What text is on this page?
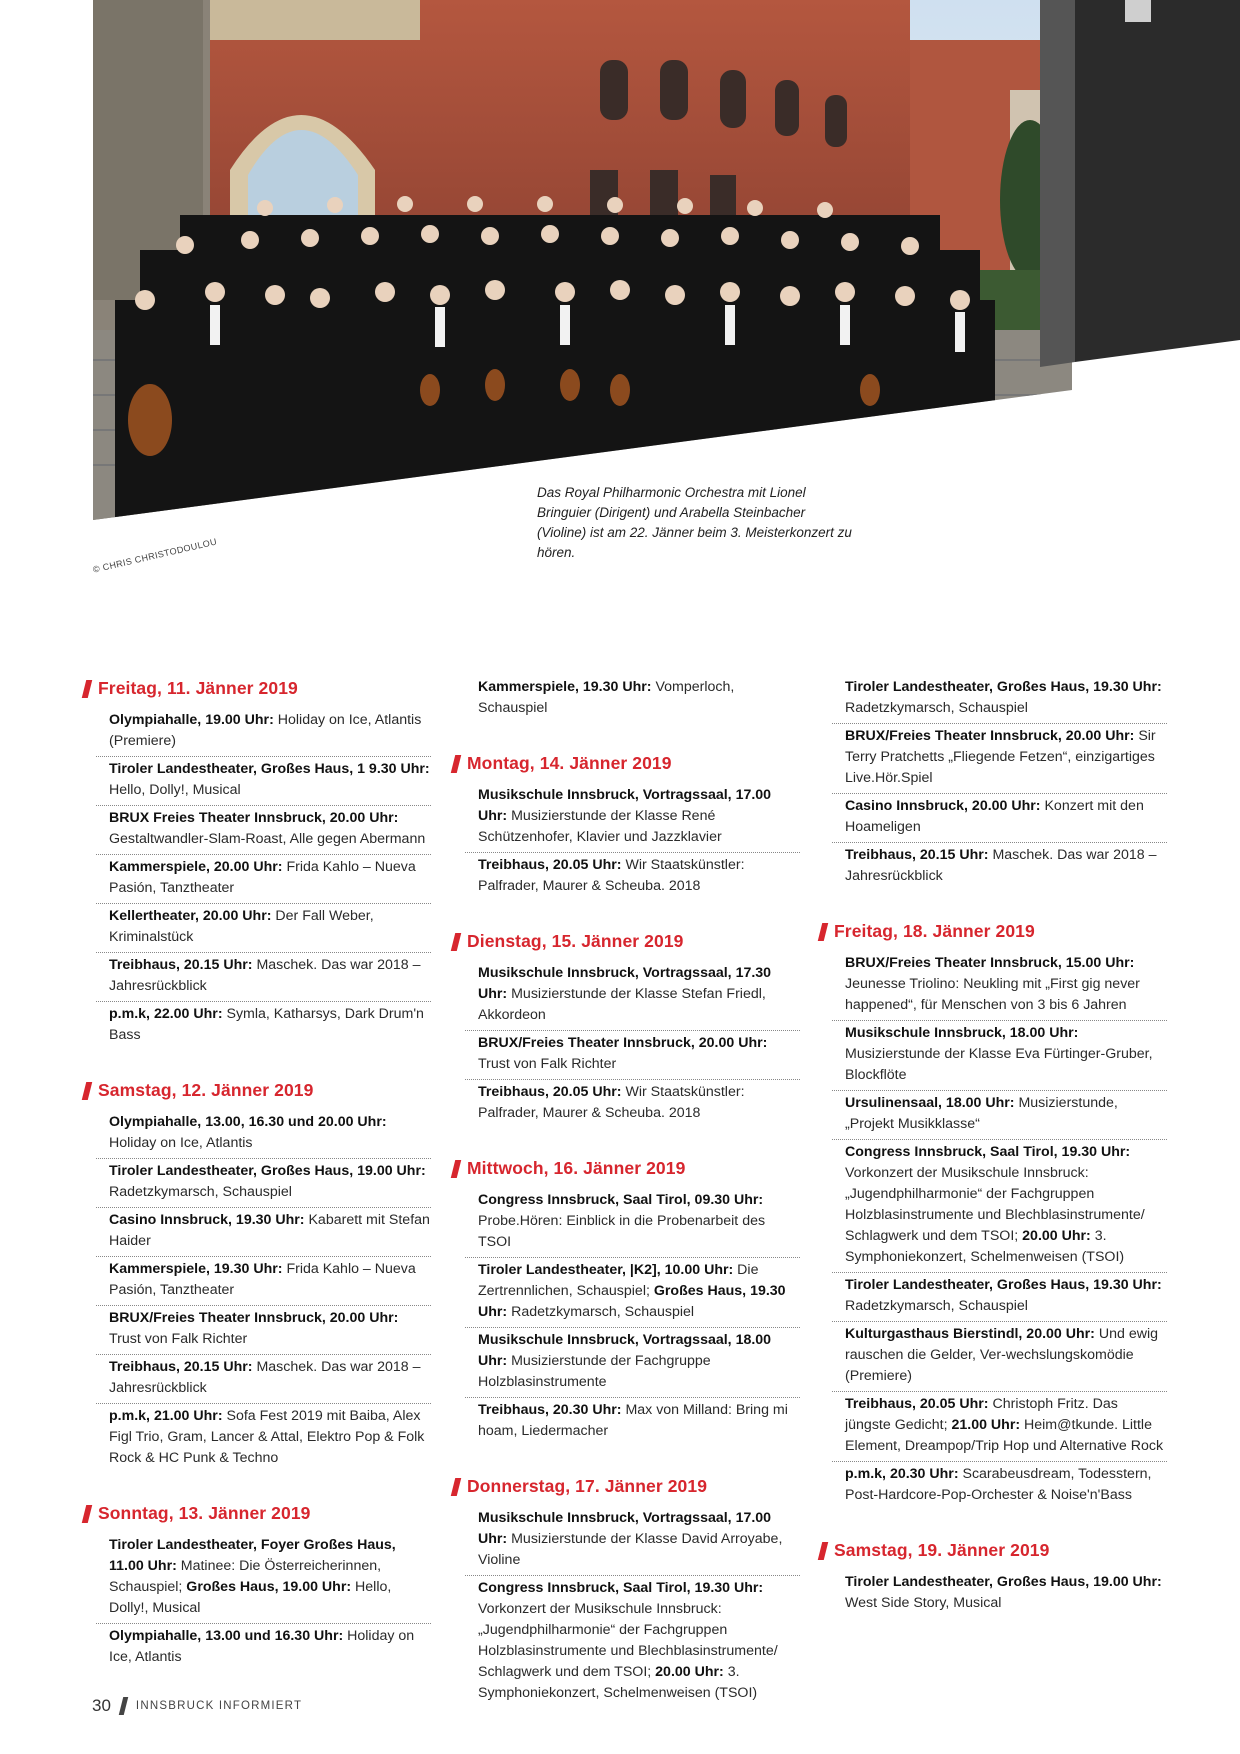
© CHRIS CHRISTODOULOU
Das Royal Philharmonic Orchestra mit Lionel Bringuier (Dirigent) und Arabella Steinbacher (Violine) ist am 22. Jänner beim 3. Meisterkonzert zu hören.
Freitag, 11. Jänner 2019
Olympiahalle, 19.00 Uhr: Holiday on Ice, Atlantis (Premiere)
Tiroler Landestheater, Großes Haus, 1 9.30 Uhr: Hello, Dolly!, Musical
BRUX Freies Theater Innsbruck, 20.00 Uhr: Gestaltwandler-Slam-Roast, Alle gegen Abermann
Kammerspiele, 20.00 Uhr: Frida Kahlo – Nueva Pasión, Tanztheater
Kellertheater, 20.00 Uhr: Der Fall Weber, Kriminalstück
Treibhaus, 20.15 Uhr: Maschek. Das war 2018 – Jahresrückblick
p.m.k, 22.00 Uhr: Symla, Katharsys, Dark Drum'n Bass
Samstag, 12. Jänner 2019
Olympiahalle, 13.00, 16.30 und 20.00 Uhr: Holiday on Ice, Atlantis
Tiroler Landestheater, Großes Haus, 19.00 Uhr: Radetzkymarsch, Schauspiel
Casino Innsbruck, 19.30 Uhr: Kabarett mit Stefan Haider
Kammerspiele, 19.30 Uhr: Frida Kahlo – Nueva Pasión, Tanztheater
BRUX/Freies Theater Innsbruck, 20.00 Uhr: Trust von Falk Richter
Treibhaus, 20.15 Uhr: Maschek. Das war 2018 – Jahresrückblick
p.m.k, 21.00 Uhr: Sofa Fest 2019 mit Baiba, Alex Figl Trio, Gram, Lancer & Attal, Elektro Pop & Folk Rock & HC Punk & Techno
Sonntag, 13. Jänner 2019
Tiroler Landestheater, Foyer Großes Haus, 11.00 Uhr: Matinee: Die Österreicherinnen, Schauspiel; Großes Haus, 19.00 Uhr: Hello, Dolly!, Musical
Olympiahalle, 13.00 und 16.30 Uhr: Holiday on Ice, Atlantis
Kammerspiele, 19.30 Uhr: Vomperloch, Schauspiel
Montag, 14. Jänner 2019
Musikschule Innsbruck, Vortragssaal, 17.00 Uhr: Musizierstunde der Klasse René Schützenhofer, Klavier und Jazzklavier
Treibhaus, 20.05 Uhr: Wir Staatskünstler: Palfrader, Maurer & Scheuba. 2018
Dienstag, 15. Jänner 2019
Musikschule Innsbruck, Vortragssaal, 17.30 Uhr: Musizierstunde der Klasse Stefan Friedl, Akkordeon
BRUX/Freies Theater Innsbruck, 20.00 Uhr: Trust von Falk Richter
Treibhaus, 20.05 Uhr: Wir Staatskünstler: Palfrader, Maurer & Scheuba. 2018
Mittwoch, 16. Jänner 2019
Congress Innsbruck, Saal Tirol, 09.30 Uhr: Probe.Hören: Einblick in die Probenarbeit des TSOI
Tiroler Landestheater, |K2], 10.00 Uhr: Die Zertrennlichen, Schauspiel; Großes Haus, 19.30 Uhr: Radetzkymarsch, Schauspiel
Musikschule Innsbruck, Vortragssaal, 18.00 Uhr: Musizierstunde der Fachgruppe Holzblasinstrumente
Treibhaus, 20.30 Uhr: Max von Milland: Bring mi hoam, Liedermacher
Donnerstag, 17. Jänner 2019
Musikschule Innsbruck, Vortragssaal, 17.00 Uhr: Musizierstunde der Klasse David Arroyabe, Violine
Congress Innsbruck, Saal Tirol, 19.30 Uhr: Vorkonzert der Musikschule Innsbruck: „Jugendphilharmonie“ der Fachgruppen Holzblasinstrumente und Blechblasinstrumente/ Schlagwerk und dem TSOI; 20.00 Uhr: 3. Symphoniekonzert, Schelmenweisen (TSOI)
Tiroler Landestheater, Großes Haus, 19.30 Uhr: Radetzkymarsch, Schauspiel
BRUX/Freies Theater Innsbruck, 20.00 Uhr: Sir Terry Pratchetts „Fliegende Fetzen“, einzigartiges Live.Hör.Spiel
Casino Innsbruck, 20.00 Uhr: Konzert mit den Hoameligen
Treibhaus, 20.15 Uhr: Maschek. Das war 2018 – Jahresrückblick
Freitag, 18. Jänner 2019
BRUX/Freies Theater Innsbruck, 15.00 Uhr: Jeunesse Triolino: Neukling mit „First gig never happened“, für Menschen von 3 bis 6 Jahren
Musikschule Innsbruck, 18.00 Uhr: Musizierstunde der Klasse Eva Fürtinger-Gruber, Blockflöte
Ursulinensaal, 18.00 Uhr: Musizierstunde, „Projekt Musikklasse“
Congress Innsbruck, Saal Tirol, 19.30 Uhr: Vorkonzert der Musikschule Innsbruck: „Jugendphilharmonie“ der Fachgruppen Holzblasinstrumente und Blechblasinstrumente/ Schlagwerk und dem TSOI; 20.00 Uhr: 3. Symphoniekonzert, Schelmenweisen (TSOI)
Tiroler Landestheater, Großes Haus, 19.30 Uhr: Radetzkymarsch, Schauspiel
Kulturgasthaus Bierstindl, 20.00 Uhr: Und ewig rauschen die Gelder, Ver-wechslungskomödie (Premiere)
Treibhaus, 20.05 Uhr: Christoph Fritz. Das jüngste Gedicht; 21.00 Uhr: Heim@tkunde. Little Element, Dreampop/Trip Hop und Alternative Rock
p.m.k, 20.30 Uhr: Scarabeusdream, Todesstern, Post-Hardcore-Pop-Orchester & Noise'n'Bass
Samstag, 19. Jänner 2019
Tiroler Landestheater, Großes Haus, 19.00 Uhr: West Side Story, Musical
30 INNSBRUCK INFORMIERT
